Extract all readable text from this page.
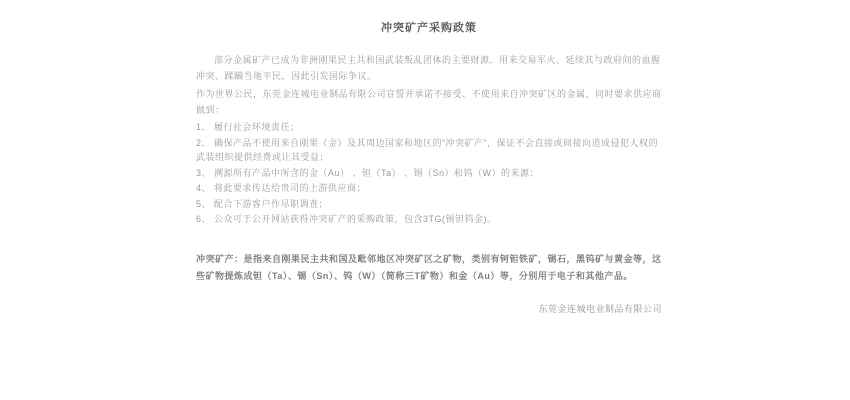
冲突矿产采购政策

部分金属矿产已成为非洲刚果民主共和国武装叛乱团体的主要财源，用来交易军火、延续其与政府间的血腥冲突、蹂躏当地平民，因此引发国际争议。

作为世界公民，东莞金连城电业制品有限公司宣誓并承诺不接受、不使用来自冲突矿区的金属，同时要求供应商做到：

1、 履行社会环境责任；
2、 确保产品不使用来自刚果（金）及其周边国家和地区的“冲突矿产”，保证不会直接或间接向造成侵犯人权的武装组织提供经费或让其受益；
3、 溯源所有产品中所含的金（Au） 、钽（Ta） 、锡（Sn）和钨（W）的来源；
4、 将此要求传达给贵司的上游供应商；
5、 配合下游客户作尽职调查；
6、 公众可于公开网站获得冲突矿产的采购政策，包含3TG(锡钽钨金)。

冲突矿产：是指来自刚果民主共和国及毗邻地区冲突矿区之矿物，类别有钶钽铁矿，锡石，黑钨矿与黄金等，这些矿物提炼成钽（Ta）、锡（Sn）、钨（W）（简称三T矿物）和金（Au）等，分别用于电子和其他产品。

东莞金连城电业制品有限公司
